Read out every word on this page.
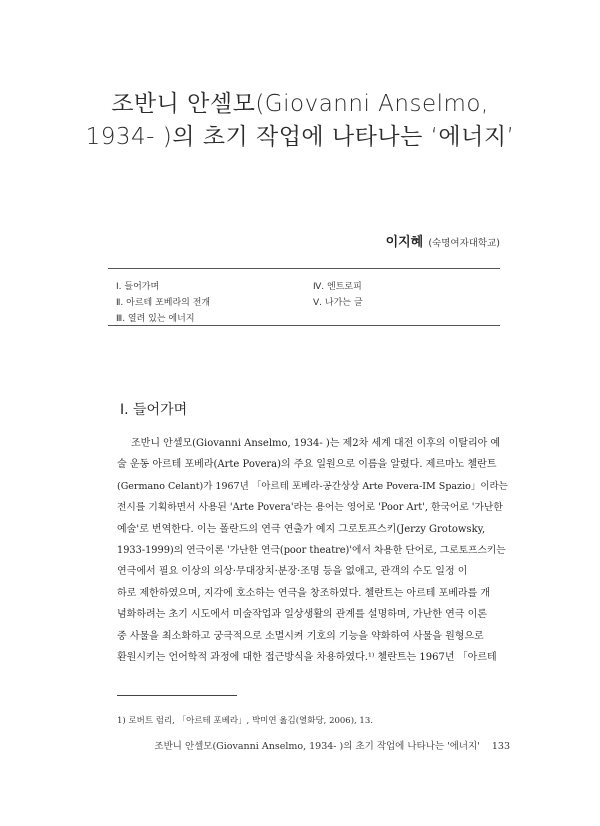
조반니 안셀모(Giovanni Anselmo,
1934- )의 초기 작업에 나타나는 ‘에너지’
이지혜 (숙명여자대학교)
Ⅰ. 들어가며
Ⅱ. 아르테 포베라의 전개
Ⅲ. 열려 있는 에너지
Ⅳ. 엔트로피
Ⅴ. 나가는 글
Ⅰ. 들어가며
조반니 안셀모(Giovanni Anselmo, 1934- )는 제2차 세계 대전 이후의 이탈리아 예
술 운동 아르테 포베라(Arte Povera)의 주요 일원으로 이름을 알렸다. 제르마노 첼란트
(Germano Celant)가 1967년 「아르테 포베라-공간상상 Arte Povera-IM Spazio」이라는
전시를 기획하면서 사용된 'Arte Povera'라는 용어는 영어로 'Poor Art', 한국어로 '가난한
예술'로 번역한다. 이는 폴란드의 연극 연출가 예지 그로토프스키(Jerzy Grotowsky,
1933-1999)의 연극이론 '가난한 연극(poor theatre)'에서 차용한 단어로, 그로토프스키는
연극에서 필요 이상의 의상·무대장치·분장·조명 등을 없애고, 관객의 수도 일정 이
하로 제한하였으며, 지각에 호소하는 연극을 창조하였다. 첼란트는 아르테 포베라를 개
념화하려는 초기 시도에서 미술작업과 일상생활의 관계를 설명하며, 가난한 연극 이론
중 사물을 최소화하고 궁극적으로 소멸시켜 기호의 기능을 약화하여 사물을 원형으로
환원시키는 언어학적 과정에 대한 접근방식을 차용하였다.¹⁾ 첼란트는 1967년 「아르테
1) 로버트 럼리, 「아르테 포베라」, 박미연 옮김(열화당, 2006), 13.
조반니 안셀모(Giovanni Anselmo, 1934- )의 초기 작업에 나타나는 '에너지' 133
